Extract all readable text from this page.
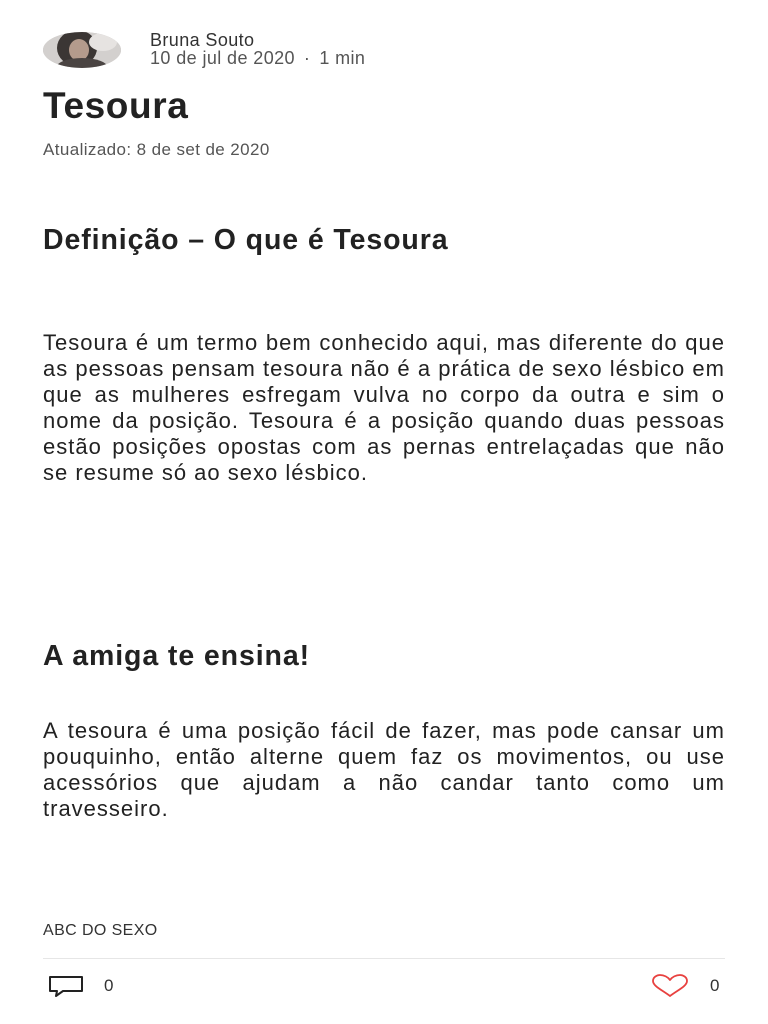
Bruna Souto
10 de jul de 2020 · 1 min
Tesoura
Atualizado: 8 de set de 2020
Definição – O que é Tesoura

Tesoura é um termo bem conhecido aqui, mas diferente do que as pessoas pensam tesoura não é a prática de sexo lésbico em que as mulheres esfregam vulva no corpo da outra e sim o nome da posição. Tesoura é a posição quando duas pessoas estão posições opostas com as pernas entrelaçadas que não se resume só ao sexo lésbico.

A amiga te ensina!

A tesoura é uma posição fácil de fazer, mas pode cansar um pouquinho, então alterne quem faz os movimentos, ou use acessórios que ajudam a não candar tanto como um travesseiro.

ABC DO SEXO
0	0
